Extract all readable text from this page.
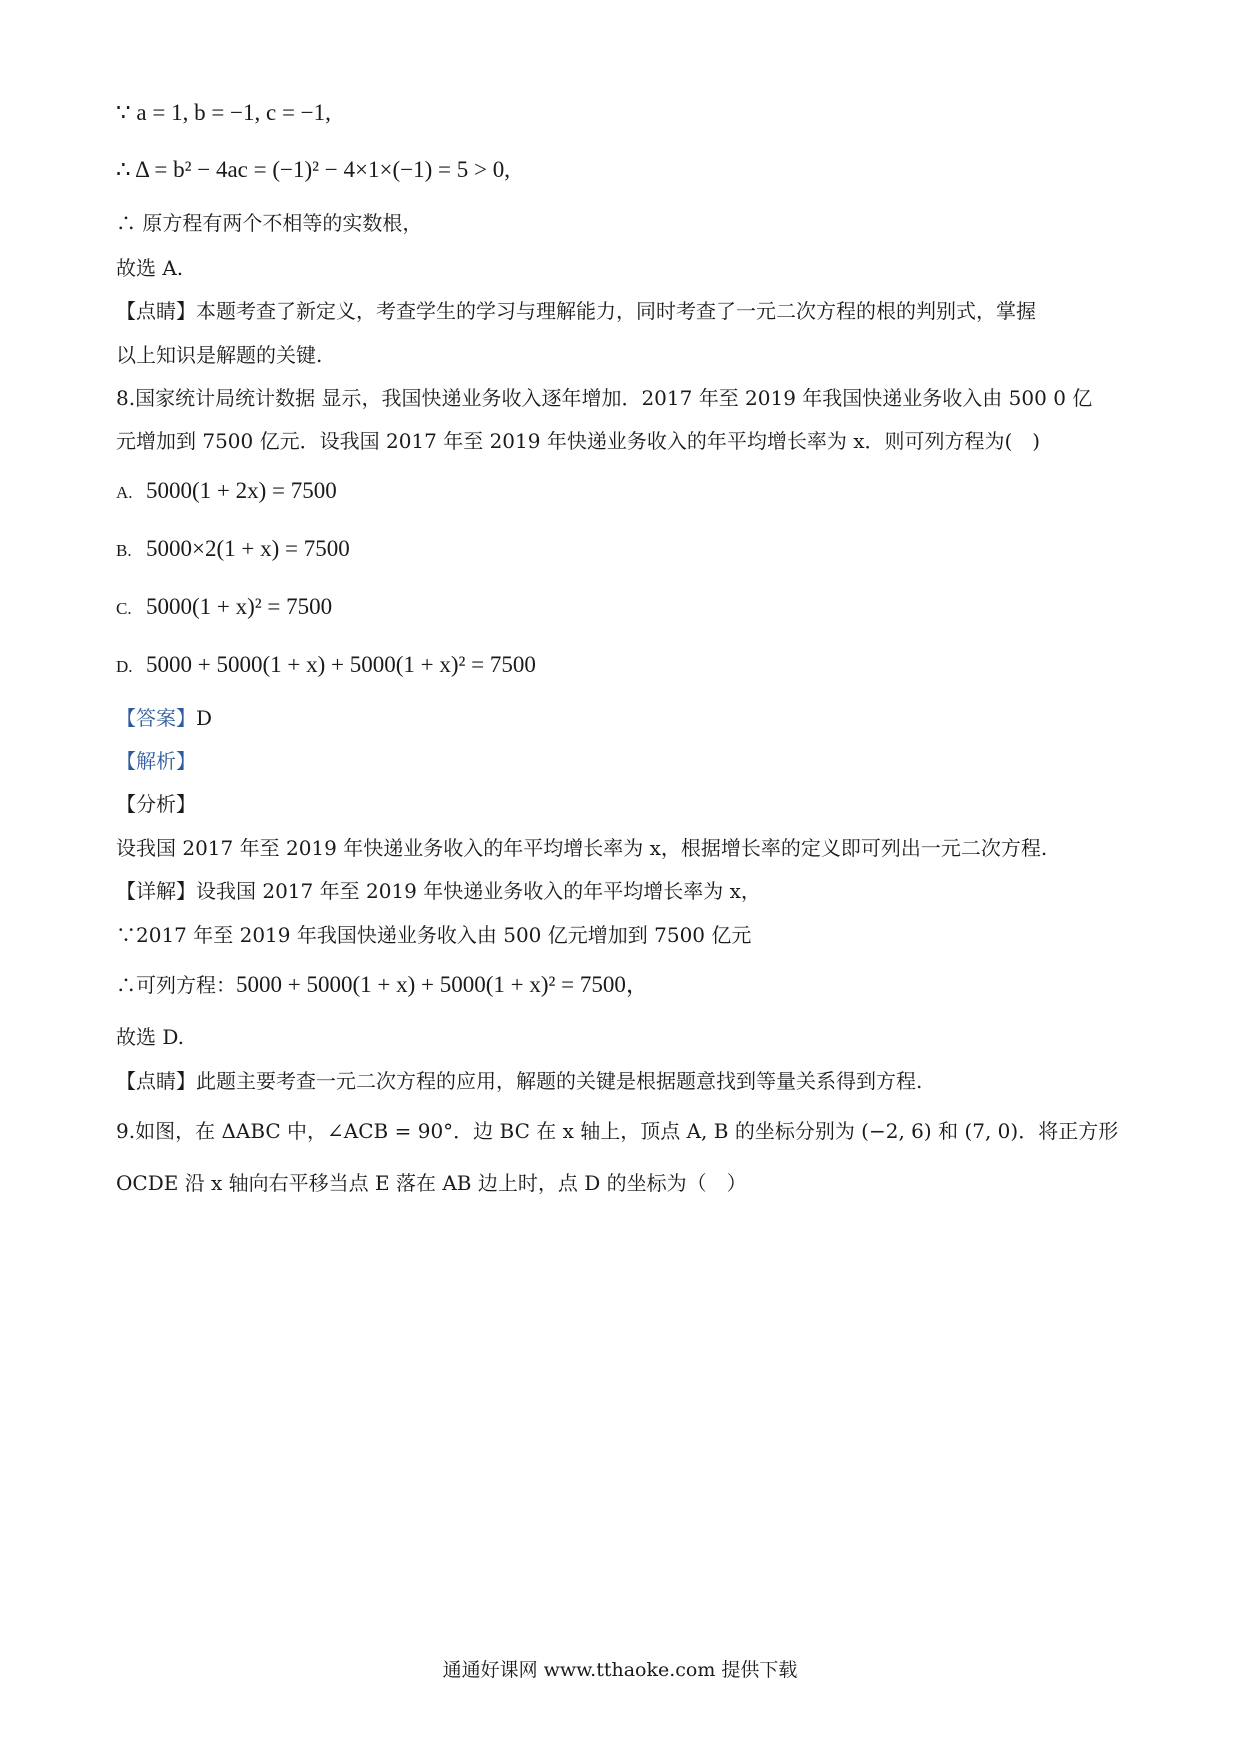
∵ a = 1, b = −1, c = −1,
∴ Δ = b² − 4ac = (−1)² − 4×1×(−1) = 5 > 0,
∴ 原方程有两个不相等的实数根，
故选 A.
【点睛】本题考查了新定义，考查学生的学习与理解能力，同时考查了一元二次方程的根的判别式，掌握
以上知识是解题的关键.
8.国家统计局统计数据 显示，我国快递业务收入逐年增加．2017 年至 2019 年我国快递业务收入由 500 0 亿
元增加到 7500 亿元．设我国 2017 年至 2019 年快递业务收入的年平均增长率为 x．则可列方程为(　)
A. 5000(1 + 2x) = 7500
B. 5000×2(1 + x) = 7500
C. 5000(1 + x)² = 7500
D. 5000 + 5000(1 + x) + 5000(1 + x)² = 7500
【答案】D
【解析】
【分析】
设我国 2017 年至 2019 年快递业务收入的年平均增长率为 x，根据增长率的定义即可列出一元二次方程.
【详解】设我国 2017 年至 2019 年快递业务收入的年平均增长率为 x，
∵2017 年至 2019 年我国快递业务收入由 500 亿元增加到 7500 亿元
∴可列方程：5000 + 5000(1 + x) + 5000(1 + x)² = 7500，
故选 D.
【点睛】此题主要考查一元二次方程的应用，解题的关键是根据题意找到等量关系得到方程.
9.如图，在 ΔABC 中，∠ACB = 90°．边 BC 在 x 轴上，顶点 A, B 的坐标分别为 (−2, 6) 和 (7, 0)．将正方形
OCDE 沿 x 轴向右平移当点 E 落在 AB 边上时，点 D 的坐标为（　）
通通好课网 www.tthaoke.com 提供下载
